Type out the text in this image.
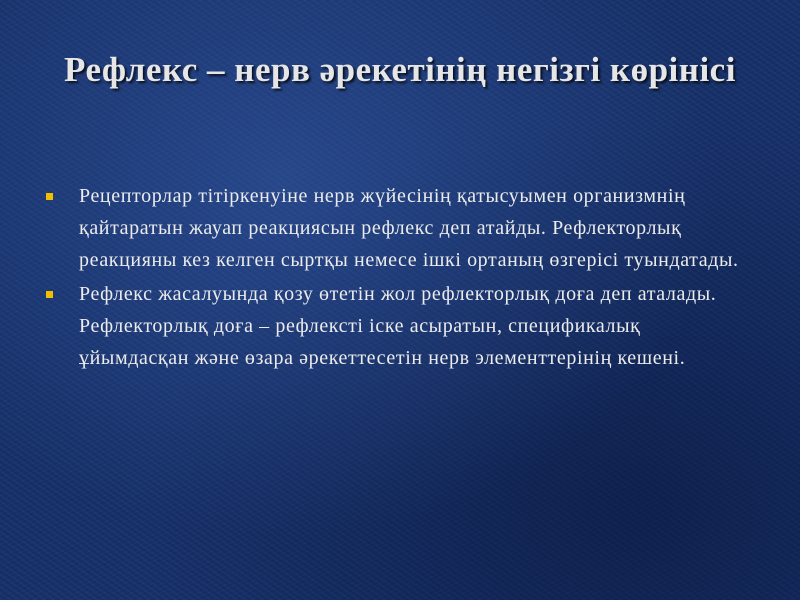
Рефлекс – нерв әрекетінің негізгі көрінісі
Рецепторлар тітіркенуіне нерв жүйесінің қатысуымен организмнің қайтаратын жауап реакциясын рефлекс деп атайды. Рефлекторлық реакцияны кез келген сыртқы немесе ішкі ортаның өзгерісі туындатады.
Рефлекс жасалуында қозу өтетін жол рефлекторлық доға деп аталады. Рефлекторлық доға – рефлексті іске асыратын, спецификалық ұйымдасқан және өзара әрекеттесетін нерв элементтерінің кешені.
